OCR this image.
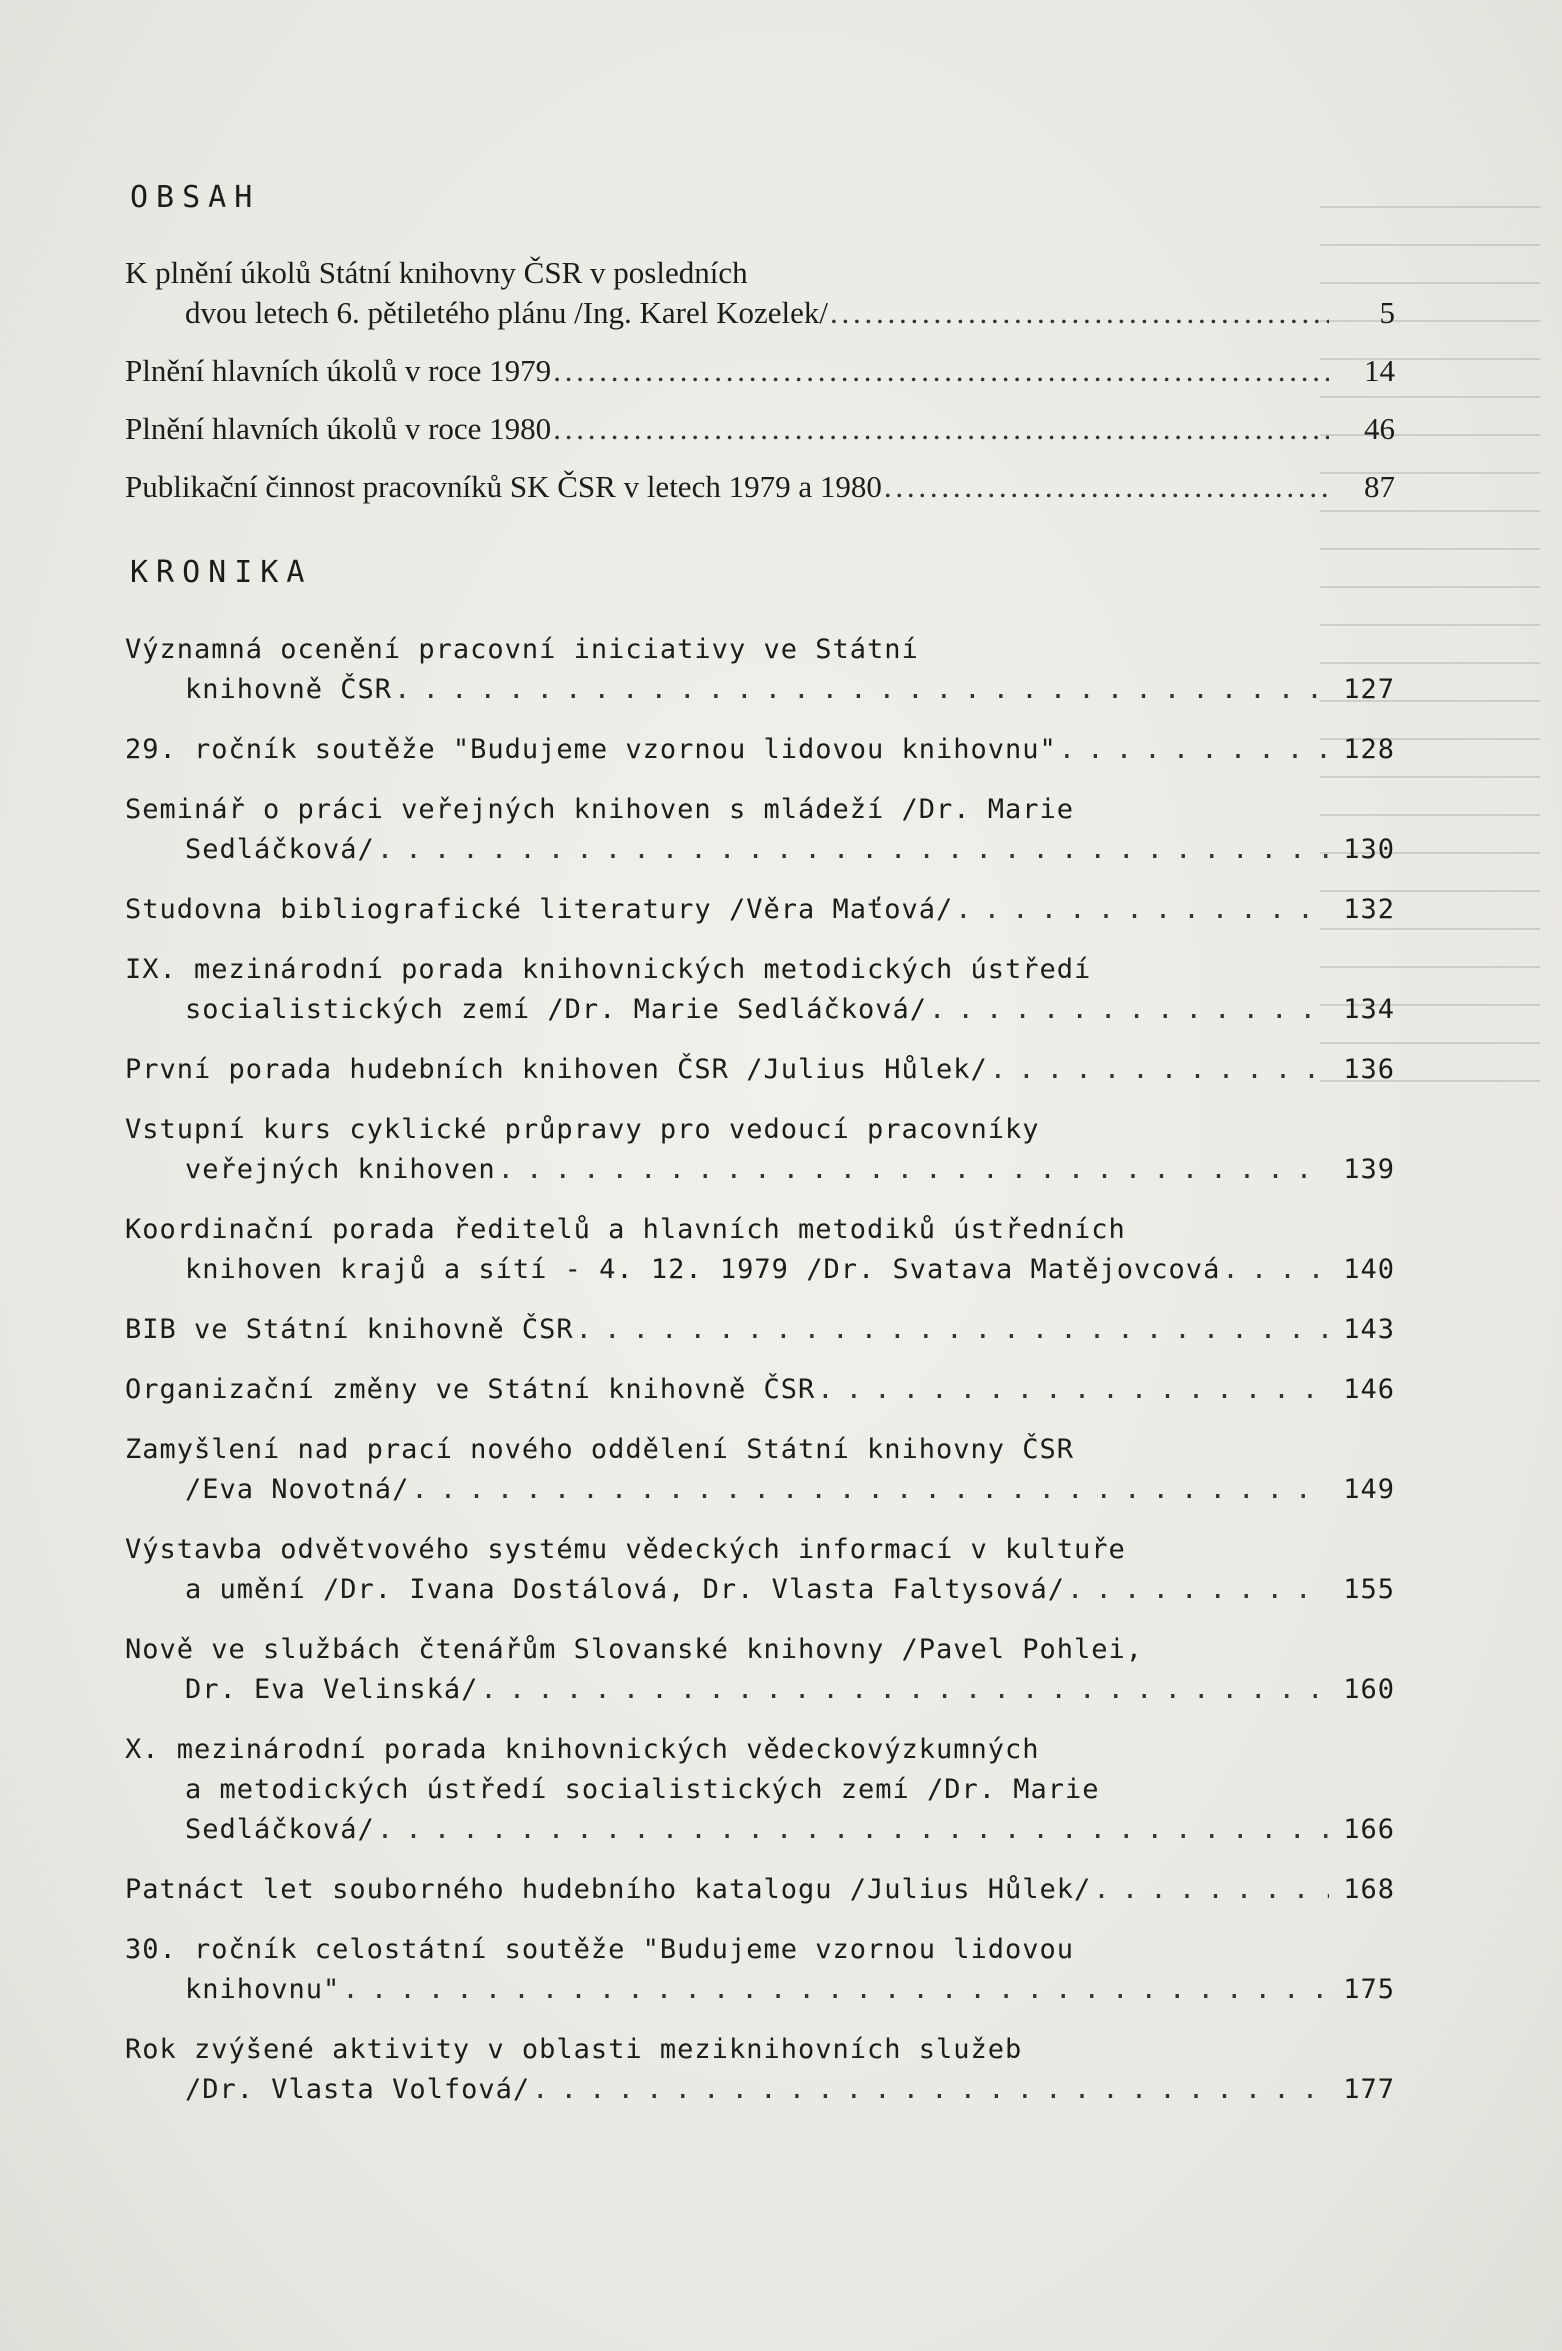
OBSAH
K plnění úkolů Státní knihovny ČSR v posledních
dvou letech 6. pětiletého plánu /Ing. Karel Kozelek/ . . .	5
Plnění hlavních úkolů v roce 1979 . . .	14
Plnění hlavních úkolů v roce 1980 . . .	46
Publikační činnost pracovníků SK ČSR v letech 1979 a 1980 . . .	87
KRONIKA
Významná ocenění pracovní iniciativy ve Státní
knihovně ČSR . . .	127
29. ročník soutěže "Budujeme vzornou lidovou knihovnu" . . .	128
Seminář o práci veřejných knihoven s mládeží /Dr. Marie
Sedláčková/ . . .	130
Studovna bibliografické literatury /Věra Maťová/ . . .	132
IX. mezinárodní porada knihovnických metodických ústředí
socialistických zemí /Dr. Marie Sedláčková/ . . .	134
První porada hudebních knihoven ČSR /Julius Hůlek/ . . .	136
Vstupní kurs cyklické průpravy pro vedoucí pracovníky
veřejných knihoven . . .	139
Koordinační porada ředitelů a hlavních metodiků ústředních
knihoven krajů a sítí - 4. 12. 1979 /Dr. Svatava Matějovcová . . .	140
BIB ve Státní knihovně ČSR . . .	143
Organizační změny ve Státní knihovně ČSR . . .	146
Zamyšlení nad prací nového oddělení Státní knihovny ČSR
/Eva Novotná/ . . .	149
Výstavba odvětvového systému vědeckých informací v kultuře
a umění /Dr. Ivana Dostálová, Dr. Vlasta Faltysová/ . . .	155
Nově ve službách čtenářům Slovanské knihovny /Pavel Pohlei,
Dr. Eva Velinská/ . . .	160
X. mezinárodní porada knihovnických vědeckovýzkumných
a metodických ústředí socialistických zemí /Dr. Marie
Sedláčková/ . . .	166
Patnáct let souborného hudebního katalogu /Julius Hůlek/ . . .	168
30. ročník celostátní soutěže "Budujeme vzornou lidovou
knihovnu" . . .	175
Rok zvýšené aktivity v oblasti meziknihovních služeb
/Dr. Vlasta Volfová/ . . .	177
